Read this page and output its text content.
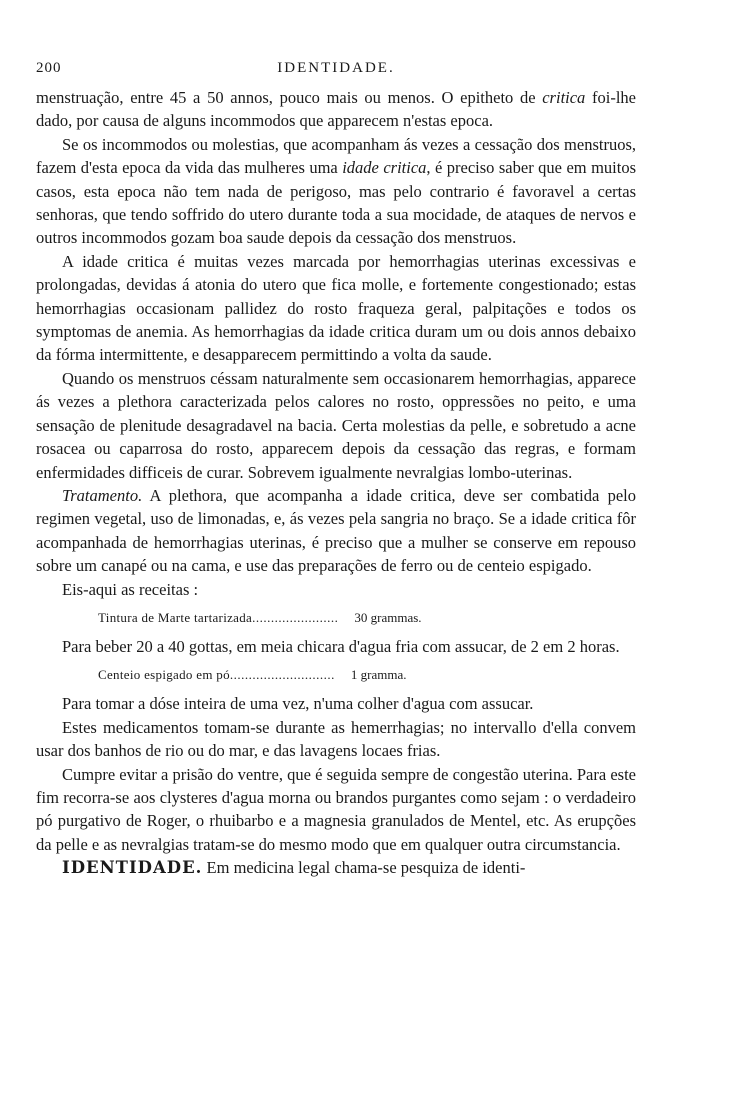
200	IDENTIDADE.

menstruação, entre 45 a 50 annos, pouco mais ou menos. O epitheto de critica foi-lhe dado, por causa de alguns incommodos que apparecem n'estas epoca.

Se os incommodos ou molestias, que acompanham ás vezes a cessação dos menstruos, fazem d'esta epoca da vida das mulheres uma idade critica, é preciso saber que em muitos casos, esta epoca não tem nada de perigoso, mas pelo contrario é favoravel a certas senhoras, que tendo soffrido do utero durante toda a sua mocidade, de ataques de nervos e outros incommodos gozam boa saude depois da cessação dos menstruos.

A idade critica é muitas vezes marcada por hemorrhagias uterinas excessivas e prolongadas, devidas á atonia do utero que fica molle, e fortemente congestionado; estas hemorrhagias occasionam pallidez do rosto fraqueza geral, palpitações e todos os symptomas de anemia. As hemorrhagias da idade critica duram um ou dois annos debaixo da fórma intermittente, e desapparecem permittindo a volta da saude.

Quando os menstruos céssam naturalmente sem occasionarem hemorrhagias, apparece ás vezes a plethora caracterizada pelos calores no rosto, oppressões no peito, e uma sensação de plenitude desagradavel na bacia. Certa molestias da pelle, e sobretudo a acne rosacea ou caparrosa do rosto, apparecem depois da cessação das regras, e formam enfermidades difficeis de curar. Sobrevem igualmente nevralgias lombo-uterinas.

Tratamento. A plethora, que acompanha a idade critica, deve ser combatida pelo regimen vegetal, uso de limonadas, e, ás vezes pela sangria no braço. Se a idade critica fôr acompanhada de hemorrhagias uterinas, é preciso que a mulher se conserve em repouso sobre um canapé ou na cama, e use das preparações de ferro ou de centeio espigado.

Eis-aqui as receitas :

Tintura de Marte tartarizada .......................	30 grammas.

Para beber 20 a 40 gottas, em meia chicara d'agua fria com assucar, de 2 em 2 horas.

Centeio espigado em pó ............................	1 gramma.

Para tomar a dóse inteira de uma vez, n'uma colher d'agua com assucar.

Estes medicamentos tomam-se durante as hemerrhagias; no intervallo d'ella convem usar dos banhos de rio ou do mar, e das lavagens locaes frias.

Cumpre evitar a prisão do ventre, que é seguida sempre de congestão uterina. Para este fim recorra-se aos clysteres d'agua morna ou brandos purgantes como sejam : o verdadeiro pó purgativo de Roger, o rhuibarbo e a magnesia granulados de Mentel, etc. As erupções da pelle e as nevralgias tratam-se do mesmo modo que em qualquer outra circumstancia.

IDENTIDADE. Em medicina legal chama-se pesquiza de identi-
